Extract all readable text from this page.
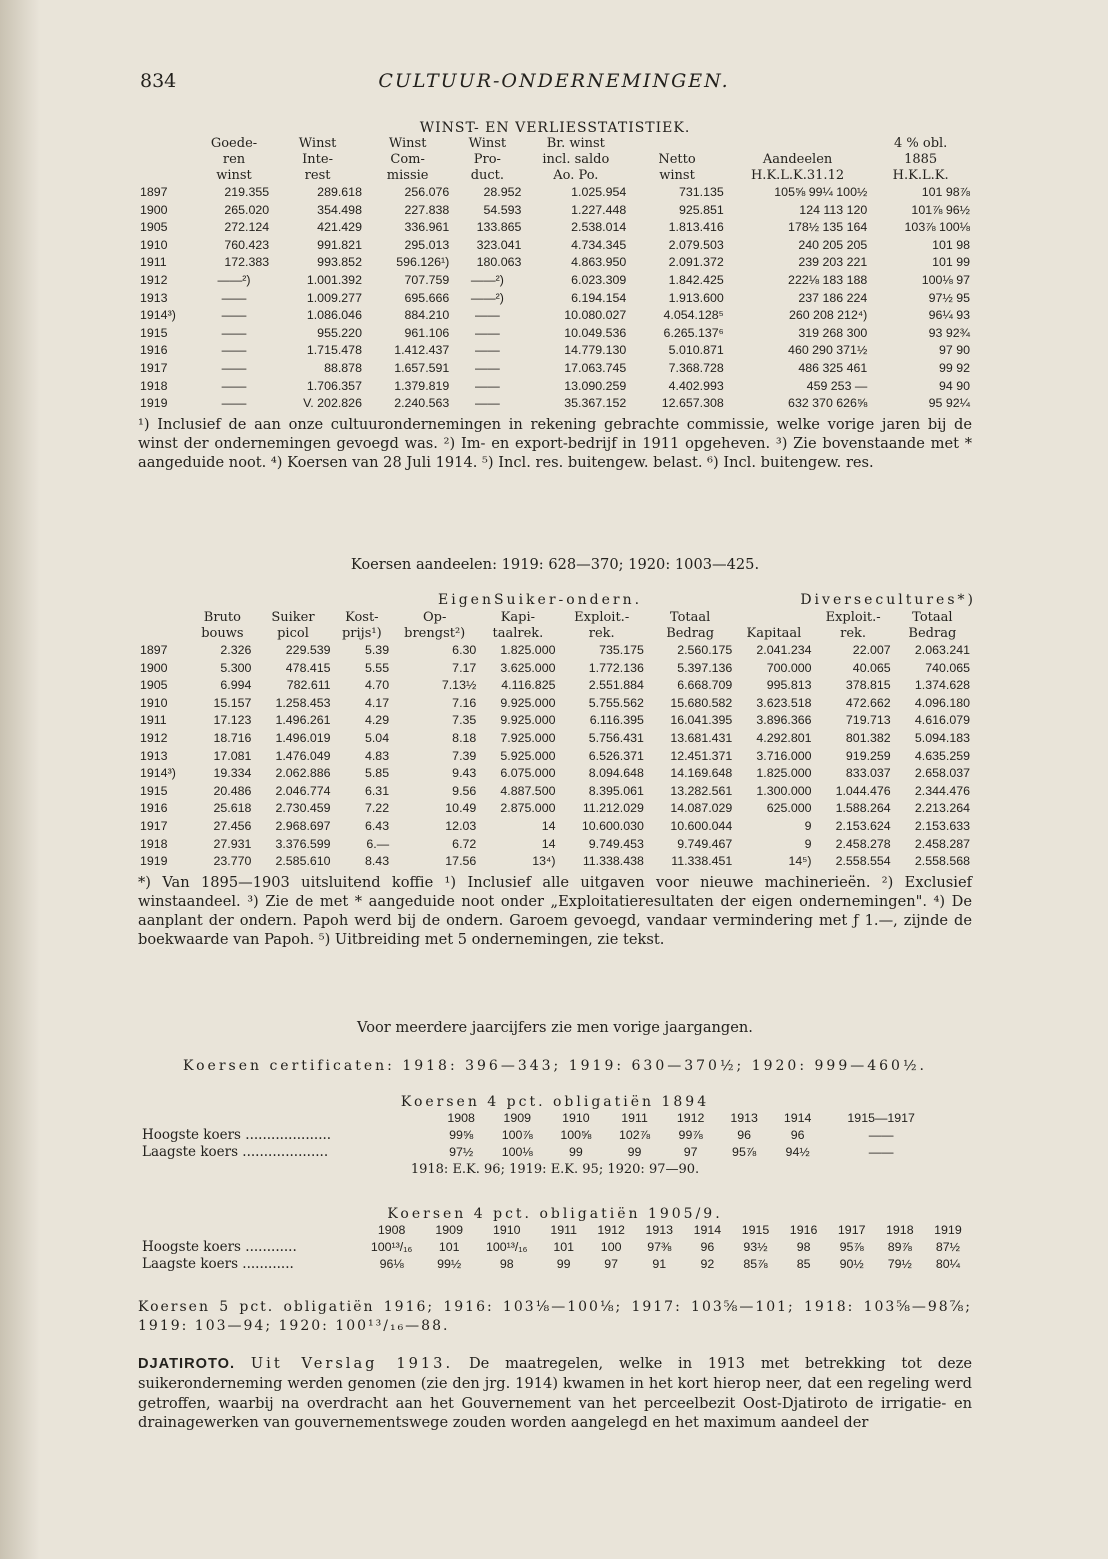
834	CULTUUR-ONDERNEMINGEN.
WINST- EN VERLIESSTATISTIEK.
	Goede-	Winst	Winst	Winst	Br. winst			4 % obl.
	ren	Inte-	Com-	Pro-	incl. saldo	Netto	Aandeelen	1885
	winst	rest	missie	duct.	Ao. Po.	winst	H.K.L.K.31.12	H.K.L.K.
1897	219.355	289.618	256.076	28.952	1.025.954	731.135	105⅝ 99¼ 100½	101 98⅞
1900	265.020	354.498	227.838	54.593	1.227.448	925.851	124 113 120	101⅞ 96½
1905	272.124	421.429	336.961	133.865	2.538.014	1.813.416	178½ 135 164	103⅞ 100⅛
1910	760.423	991.821	295.013	323.041	4.734.345	2.079.503	240 205 205	101 98
1911	172.383	993.852	596.126¹)	180.063	4.863.950	2.091.372	239 203 221	101 99
1912	——²)	1.001.392	707.759	——²)	6.023.309	1.842.425	222⅛ 183 188	100⅛ 97
1913	——	1.009.277	695.666	——²)	6.194.154	1.913.600	237 186 224	97½ 95
1914³)	——	1.086.046	884.210	——	10.080.027	4.054.128⁵	260 208 212⁴)	96¼ 93
1915	——	955.220	961.106	——	10.049.536	6.265.137⁶	319 268 300	93 92¾
1916	——	1.715.478	1.412.437	——	14.779.130	5.010.871	460 290 371½	97 90
1917	——	88.878	1.657.591	——	17.063.745	7.368.728	486 325 461	99 92
1918	——	1.706.357	1.379.819	——	13.090.259	4.402.993	459 253 —	94 90
1919	——	V. 202.826	2.240.563	——	35.367.152	12.657.308	632 370 626⅝	95 92¼
¹) Inclusief de aan onze cultuurondernemingen in rekening gebrachte commissie, welke vorige jaren bij de winst der ondernemingen gevoegd was. ²) Im- en export-bedrijf in 1911 opgeheven. ³) Zie bovenstaande met * aangeduide noot. ⁴) Koersen van 28 Juli 1914. ⁵) Incl. res. buitengew. belast. ⁶) Incl. buitengew. res.
Koersen aandeelen: 1919: 628—370; 1920: 1003—425.
EigenSuiker-ondern.	Diversecultures*)
	Bruto	Suiker	Kost-	Op-	Kapi-	Exploit.-	Totaal		Exploit.-	Totaal
	bouws	picol	prijs¹)	brengst²)	taalrek.	rek.	Bedrag	Kapitaal	rek.	Bedrag
1897	2.326	229.539	5.39	6.30	1.825.000	735.175	2.560.175	2.041.234	22.007	2.063.241
1900	5.300	478.415	5.55	7.17	3.625.000	1.772.136	5.397.136	700.000	40.065	740.065
1905	6.994	782.611	4.70	7.13½	4.116.825	2.551.884	6.668.709	995.813	378.815	1.374.628
1910	15.157	1.258.453	4.17	7.16	9.925.000	5.755.562	15.680.582	3.623.518	472.662	4.096.180
1911	17.123	1.496.261	4.29	7.35	9.925.000	6.116.395	16.041.395	3.896.366	719.713	4.616.079
1912	18.716	1.496.019	5.04	8.18	7.925.000	5.756.431	13.681.431	4.292.801	801.382	5.094.183
1913	17.081	1.476.049	4.83	7.39	5.925.000	6.526.371	12.451.371	3.716.000	919.259	4.635.259
1914³)	19.334	2.062.886	5.85	9.43	6.075.000	8.094.648	14.169.648	1.825.000	833.037	2.658.037
1915	20.486	2.046.774	6.31	9.56	4.887.500	8.395.061	13.282.561	1.300.000	1.044.476	2.344.476
1916	25.618	2.730.459	7.22	10.49	2.875.000	11.212.029	14.087.029	625.000	1.588.264	2.213.264
1917	27.456	2.968.697	6.43	12.03	14	10.600.030	10.600.044	9	2.153.624	2.153.633
1918	27.931	3.376.599	6.—	6.72	14	9.749.453	9.749.467	9	2.458.278	2.458.287
1919	23.770	2.585.610	8.43	17.56	13⁴)	11.338.438	11.338.451	14⁵)	2.558.554	2.558.568
*) Van 1895—1903 uitsluitend koffie ¹) Inclusief alle uitgaven voor nieuwe machinerieën. ²) Exclusief winstaandeel. ³) Zie de met * aangeduide noot onder „Exploitatieresultaten der eigen ondernemingen". ⁴) De aanplant der ondern. Papoh werd bij de ondern. Garoem gevoegd, vandaar vermindering met ƒ 1.—, zijnde de boekwaarde van Papoh. ⁵) Uitbreiding met 5 ondernemingen, zie tekst.
Voor meerdere jaarcijfers zie men vorige jaargangen.
Koersen certificaten: 1918: 396—343; 1919: 630—370½; 1920: 999—460½.
Koersen 4 pct. obligatiën 1894
	1908	1909	1910	1911	1912	1913	1914	1915—1917
Hoogste koers ....................	99⅝	100⅞	100⅝	102⅞	99⅞	96	96	——
Laagste koers ....................	97½	100⅛	99	99	97	95⅞	94½	——
1918: E.K. 96; 1919: E.K. 95; 1920: 97—90.
Koersen 4 pct. obligatiën 1905/9.
	1908	1909	1910	1911	1912	1913	1914	1915	1916	1917	1918	1919
Hoogste koers ............	100¹³/₁₆	101	100¹³/₁₆	101	100	97⅜	96	93½	98	95⅞	89⅞	87½
Laagste koers ............	96⅛	99½	98	99	97	91	92	85⅞	85	90½	79½	80¼
Koersen 5 pct. obligatiën 1916; 1916: 103⅛—100⅛; 1917: 103⅝—101; 1918: 103⅝—98⅞; 1919: 103—94; 1920: 100¹³/₁₆—88.
DJATIROTO. Uit Verslag 1913. De maatregelen, welke in 1913 met betrekking tot deze suikeronderneming werden genomen (zie den jrg. 1914) kwamen in het kort hierop neer, dat een regeling werd getroffen, waarbij na overdracht aan het Gouvernement van het perceelbezit Oost-Djatiroto de irrigatie- en drainagewerken van gouvernementswege zouden worden aangelegd en het maximum aandeel der
